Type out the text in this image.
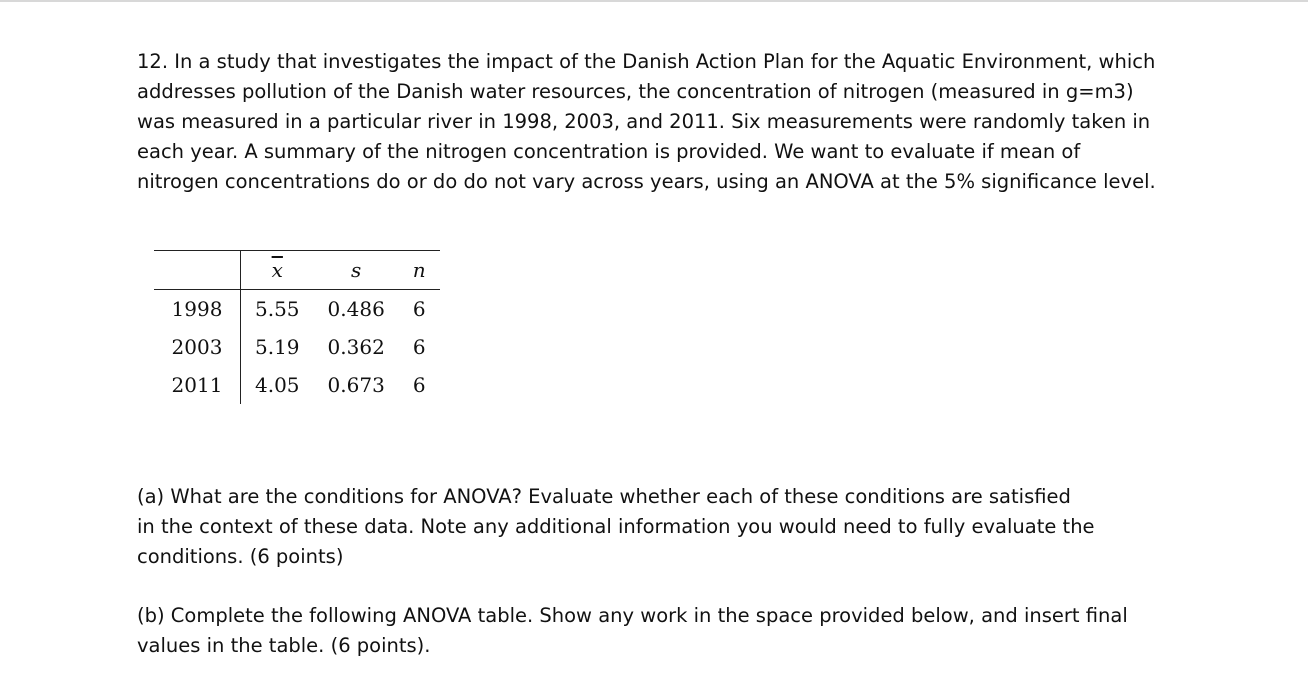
12. In a study that investigates the impact of the Danish Action Plan for the Aquatic Environment, which
addresses pollution of the Danish water resources, the concentration of nitrogen (measured in g=m3)
was measured in a particular river in 1998, 2003, and 2011. Six measurements were randomly taken in
each year. A summary of the nitrogen concentration is provided. We want to evaluate if mean of
nitrogen concentrations do or do do not vary across years, using an ANOVA at the 5% significance level.

	$\overline{x}$	s	n
1998	5.55	0.486	6
2003	5.19	0.362	6
2011	4.05	0.673	6

(a) What are the conditions for ANOVA? Evaluate whether each of these conditions are satisfied
in the context of these data. Note any additional information you would need to fully evaluate the
conditions. (6 points)

(b) Complete the following ANOVA table. Show any work in the space provided below, and insert final
values in the table. (6 points).
